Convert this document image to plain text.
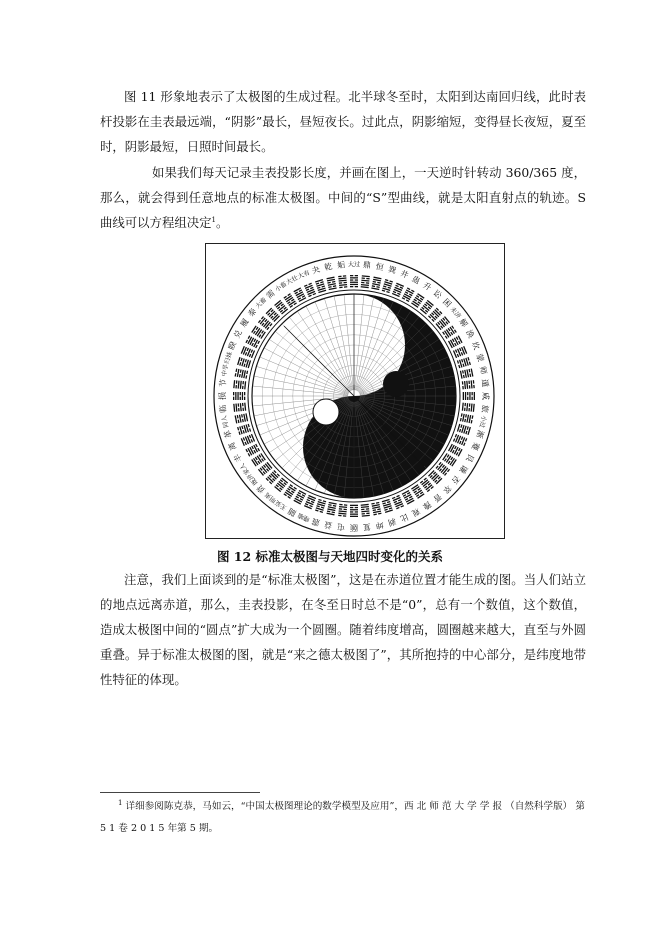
图 11 形象地表示了太极图的生成过程。北半球冬至时，太阳到达南回归线，此时表杆投影在圭表最远端，“阴影”最长，昼短夜长。过此点，阴影缩短，变得昼长夜短，夏至时，阴影最短，日照时间最长。

如果我们每天记录圭表投影长度，并画在图上，一天逆时针转动 360/365 度，那么，就会得到任意地点的标准太极图。中间的“S”型曲线，就是太阳直射点的轨迹。S 曲线可以方程组决定$^1$。

大过 鼎 恒 巽 井 蛊
升
讼
困
未济
解
涣
坎
蒙
师
遁
咸
旅
小过
渐
蹇
艮
谦
否
萃
晋
豫
观
比
剥
坤
复
颐
屯
益
震
噬嗑
随
无妄
明夷
贲
既济
家人
丰
离
革
同人
临
损
节
中孚
归妹
睽
兑
履
泰
大畜
需
小畜
大壮
大有 夬 乾 姤

图 12 标准太极图与天地四时变化的关系

注意，我们上面谈到的是“标准太极图”，这是在赤道位置才能生成的图。当人们站立的地点远离赤道，那么，圭表投影，在冬至日时总不是“0”，总有一个数值，这个数值，造成太极图中间的“圆点”扩大成为一个圆圈。随着纬度增高，圆圈越来越大，直至与外圆重叠。异于标准太极图的图，就是“来之德太极图了”，其所抱持的中心部分，是纬度地带性特征的体现。

$^1$ 详细参阅陈克恭，马如云，“中国太极图理论的数学模型及应用”，西 北 师 范 大 学 学 报 （自然科学版） 第 5 1 卷 2 0 1 5 年第 5 期。
